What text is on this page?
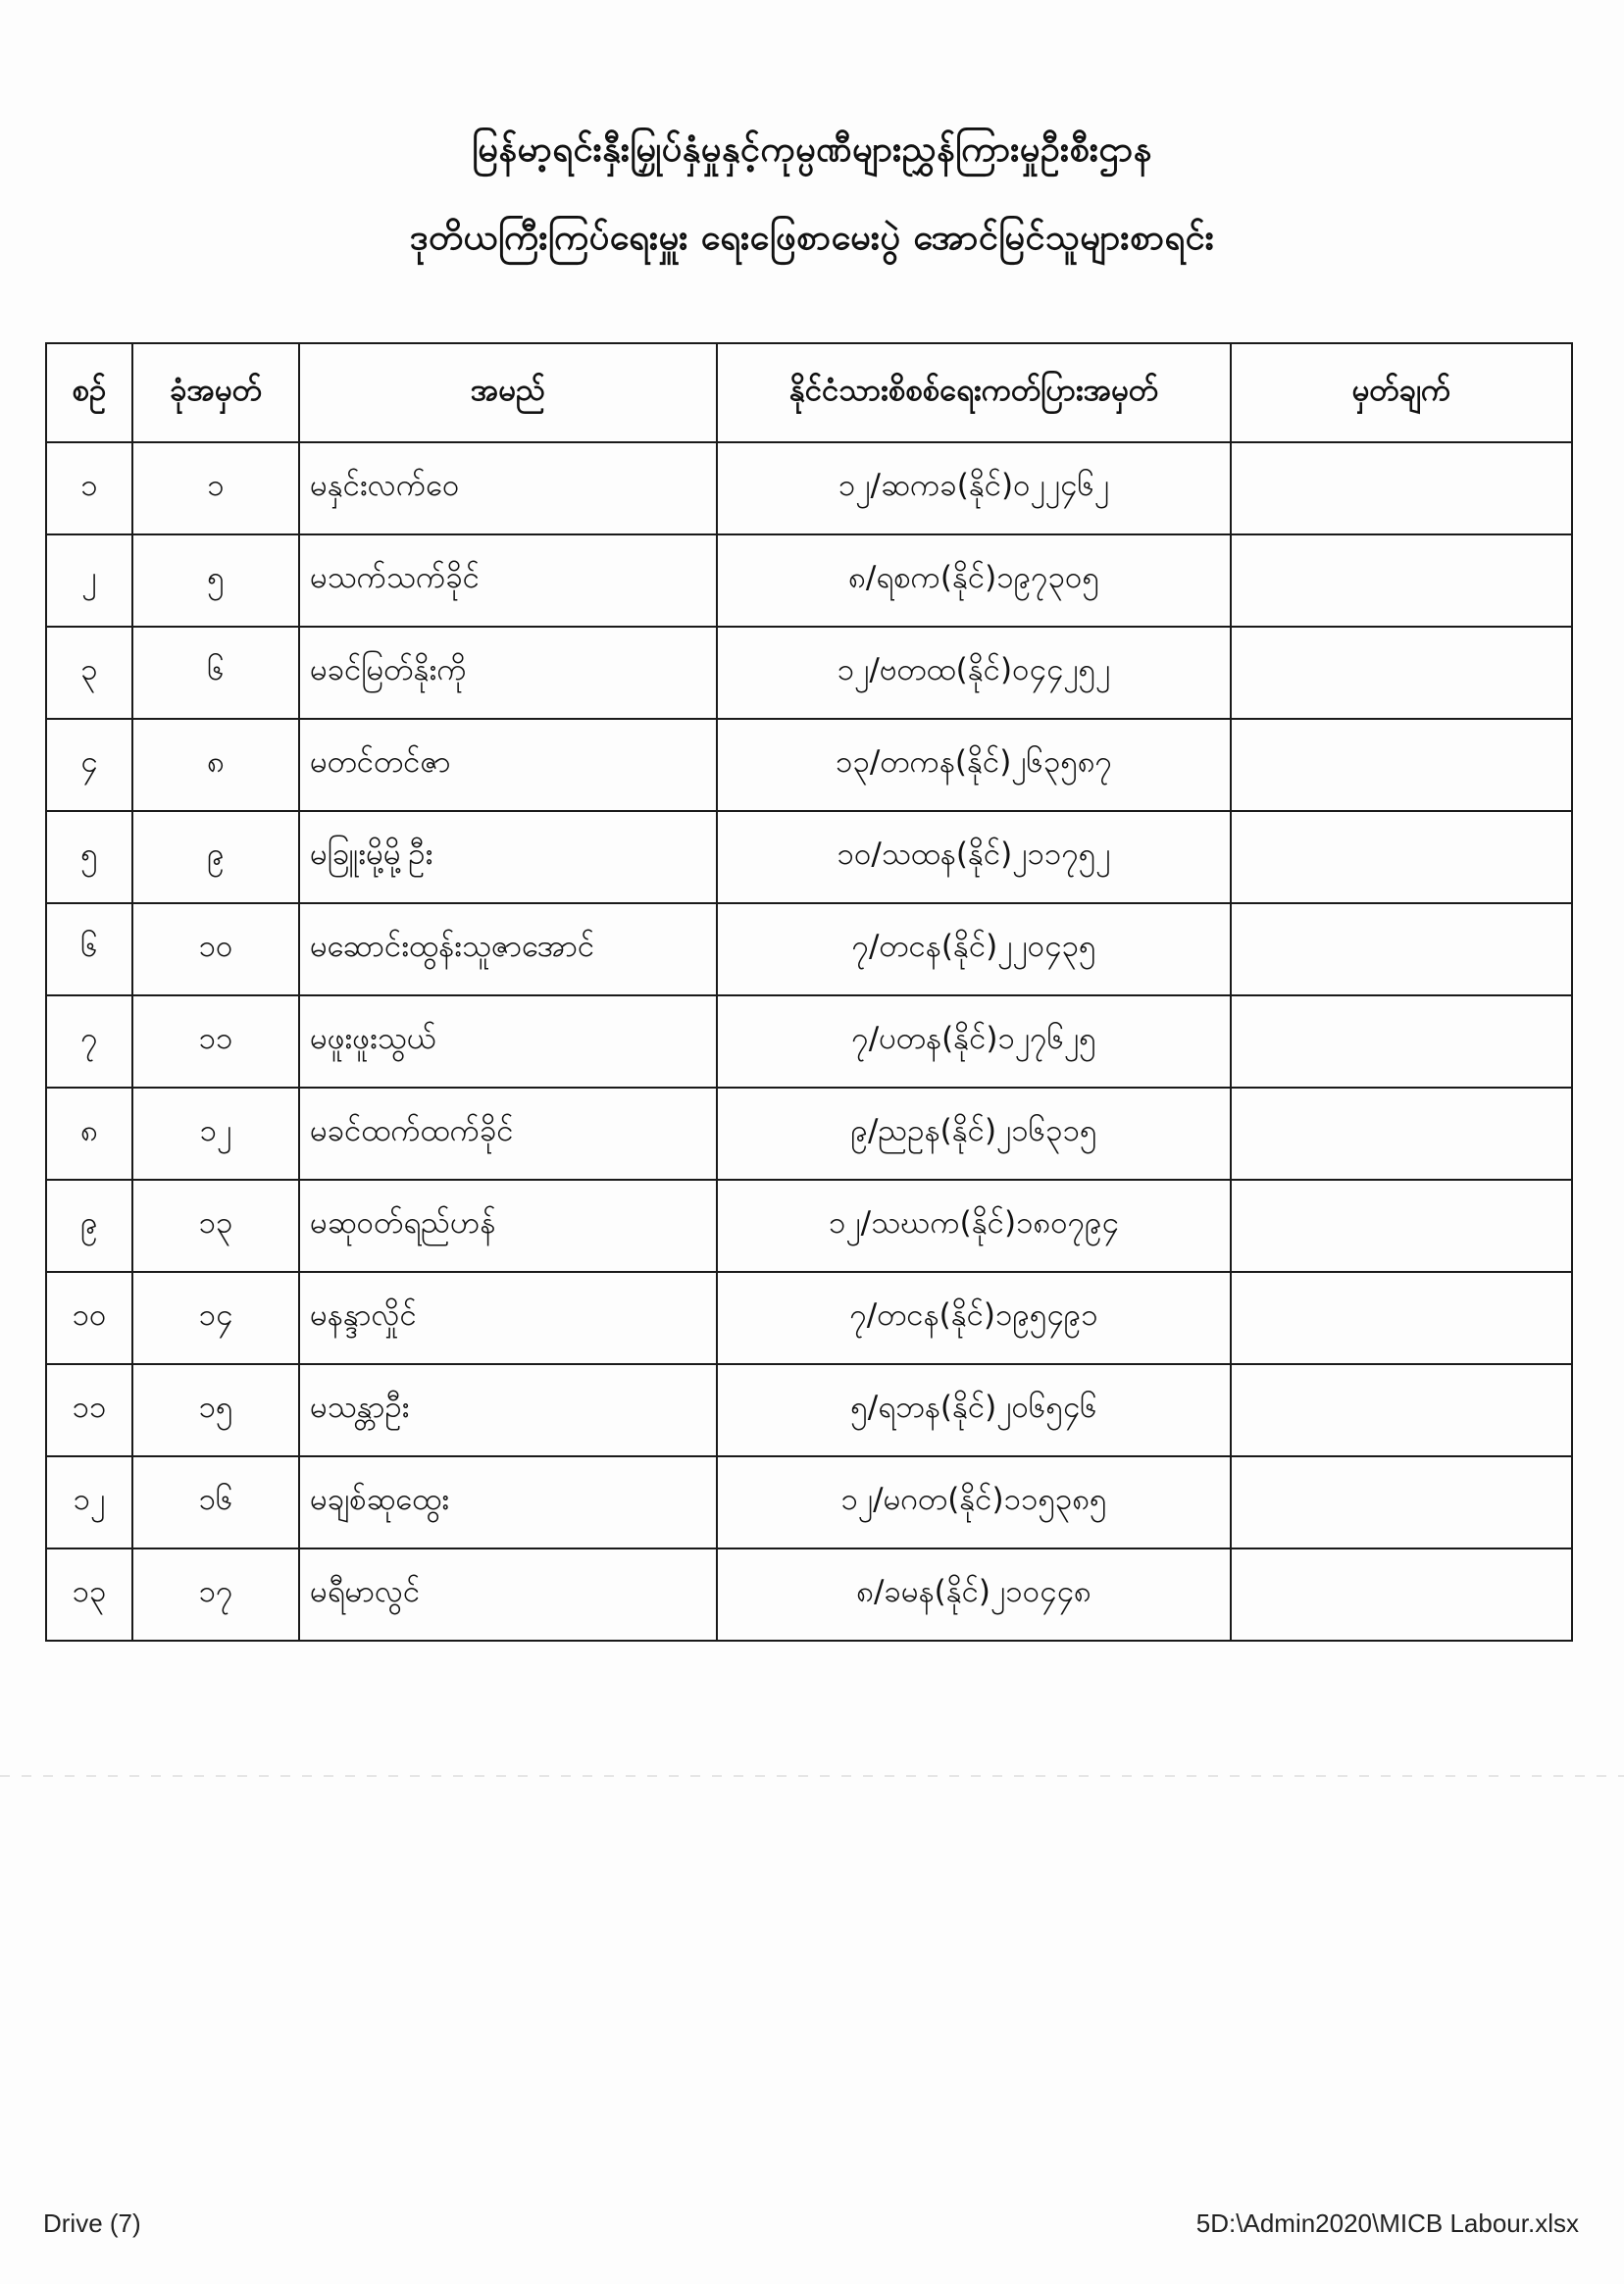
မြန်မာ့ရင်းနှီးမြှုပ်နှံမှုနှင့်ကုမ္ပဏီများညွှန်ကြားမှုဦးစီးဌာန
ဒုတိယကြီးကြပ်ရေးမှူး ရေးဖြေစာမေးပွဲ အောင်မြင်သူများစာရင်း
စဉ်	ခုံအမှတ်	အမည်	နိုင်ငံသားစိစစ်ရေးကတ်ပြားအမှတ်	မှတ်ချက်
၁	၁	မနှင်းလက်ဝေ	၁၂/ဆကခ(နိုင်)၀၂၂၄၆၂	
၂	၅	မသက်သက်ခိုင်	၈/ရစက(နိုင်)၁၉၇၃၀၅	
၃	၆	မခင်မြတ်နိုးကို	၁၂/ဗတထ(နိုင်)၀၄၄၂၅၂	
၄	၈	မတင်တင်ဇာ	၁၃/တကန(နိုင်)၂၆၃၅၈၇	
၅	၉	မခြူးမို့မို့ဦး	၁၀/သထန(နိုင်)၂၁၁၇၅၂	
၆	၁၀	မဆောင်းထွန်းသူဇာအောင်	၇/တငန(နိုင်)၂၂၀၄၃၅	
၇	၁၁	မဖူးဖူးသွယ်	၇/ပတန(နိုင်)၁၂၇၆၂၅	
၈	၁၂	မခင်ထက်ထက်ခိုင်	၉/ညဥန(နိုင်)၂၁၆၃၁၅	
၉	၁၃	မဆုဝတ်ရည်ဟန်	၁၂/သဃက(နိုင်)၁၈၀၇၉၄	
၁၀	၁၄	မနန္ဒာလှိုင်	၇/တငန(နိုင်)၁၉၅၄၉၁	
၁၁	၁၅	မသန္တာဦး	၅/ရဘန(နိုင်)၂၀၆၅၄၆	
၁၂	၁၆	မချစ်ဆုထွေး	၁၂/မဂတ(နိုင်)၁၁၅၃၈၅	
၁၃	၁၇	မရီမာလွင်	၈/ခမန(နိုင်)၂၁၀၄၄၈	
Drive (7)	5D:\Admin2020\MICB Labour.xlsx
